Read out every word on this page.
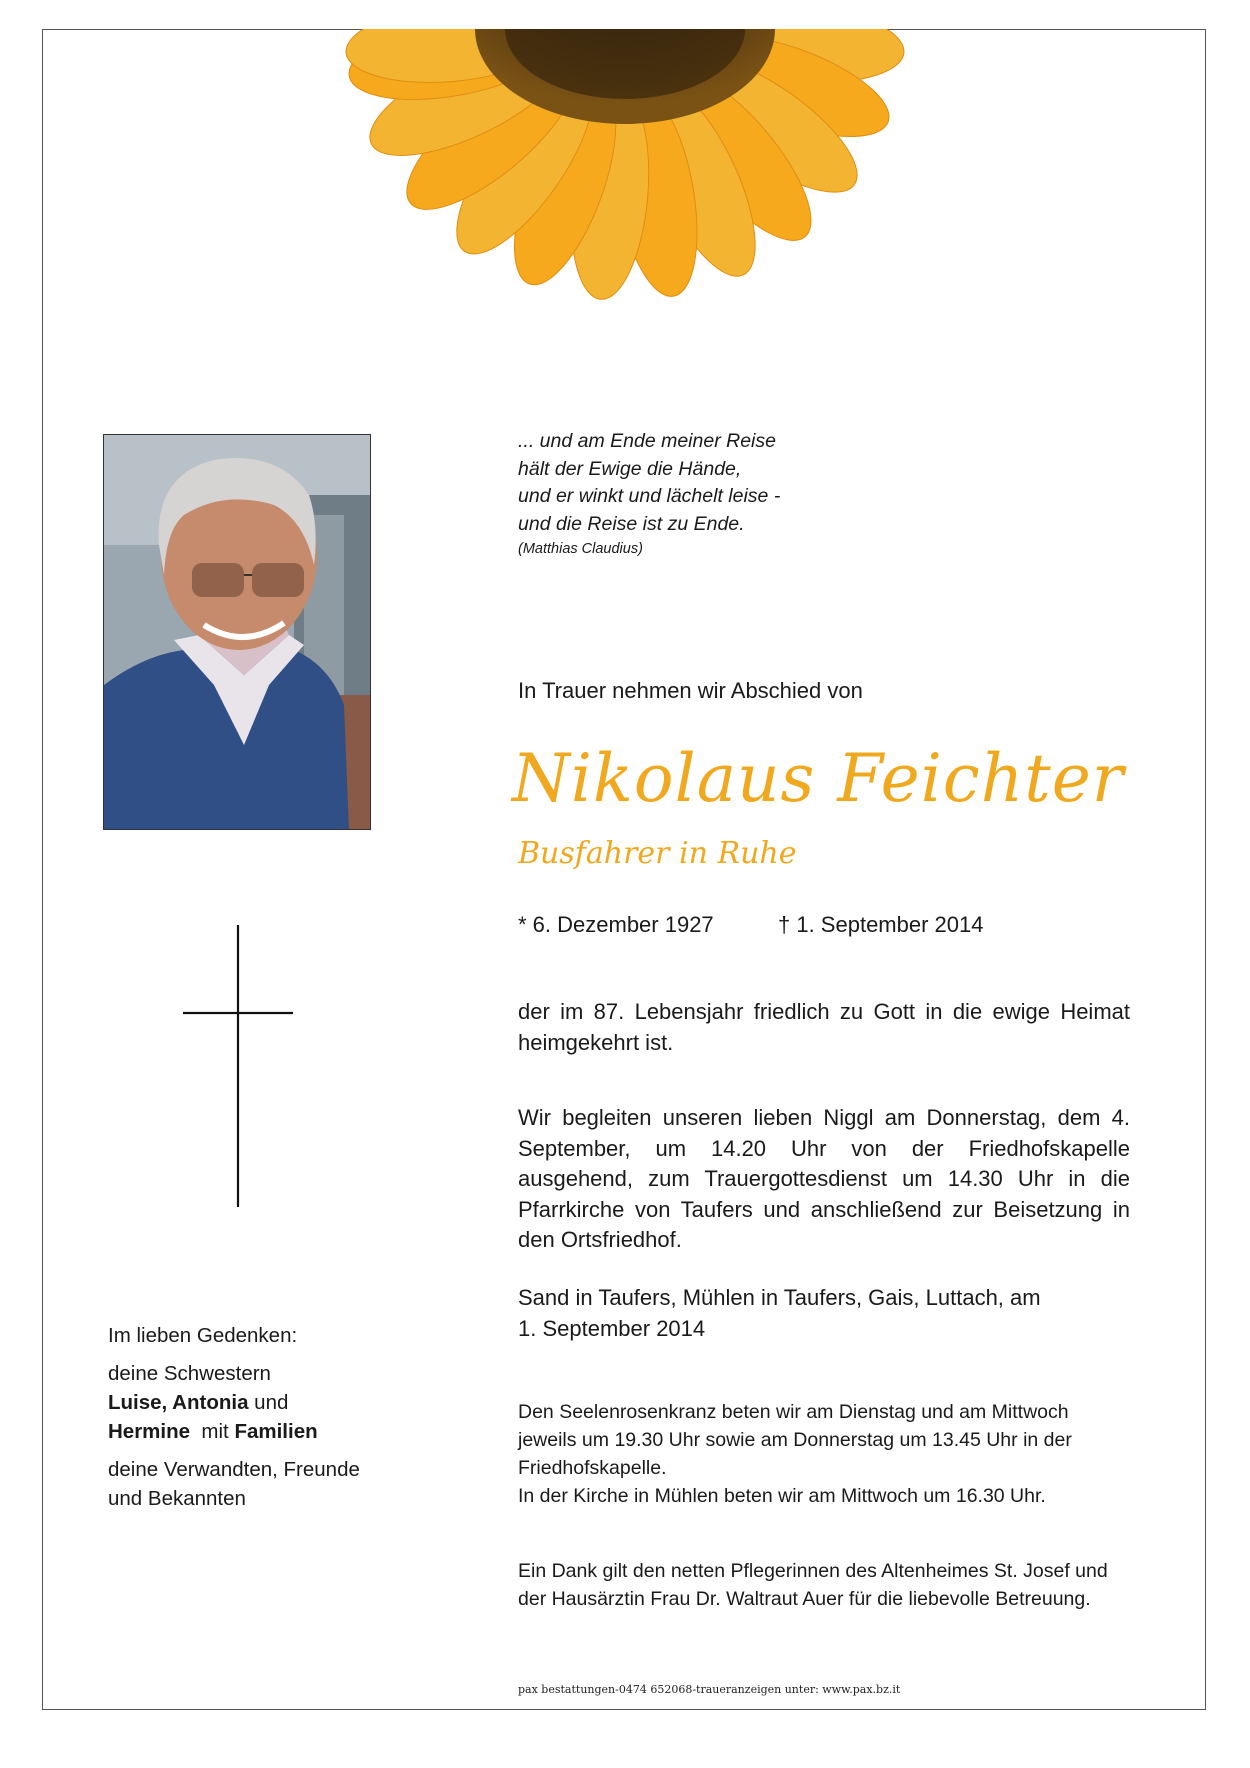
... und am Ende meiner Reise
hält der Ewige die Hände,
und er winkt und lächelt leise -
und die Reise ist zu Ende.
(Matthias Claudius)
In Trauer nehmen wir Abschied von
Nikolaus Feichter
Busfahrer in Ruhe
* 6. Dezember 1927	† 1. September 2014
der im 87. Lebensjahr friedlich zu Gott in die ewige Heimat heimgekehrt ist.
Wir begleiten unseren lieben Niggl am Donnerstag, dem 4. September, um 14.20 Uhr von der Friedhofskapelle ausgehend, zum Trauergottesdienst um 14.30 Uhr in die Pfarrkirche von Taufers und anschließend zur Beisetzung in den Ortsfriedhof.
Sand in Taufers, Mühlen in Taufers, Gais, Luttach, am
1. September 2014
Den Seelenrosenkranz beten wir am Dienstag und am Mittwoch
jeweils um 19.30 Uhr sowie am Donnerstag um 13.45 Uhr in der
Friedhofskapelle.
In der Kirche in Mühlen beten wir am Mittwoch um 16.30 Uhr.
Ein Dank gilt den netten Pflegerinnen des Altenheimes St. Josef und
der Hausärztin Frau Dr. Waltraut Auer für die liebevolle Betreuung.
Im lieben Gedenken:
deine Schwestern
Luise, Antonia und
Hermine  mit Familien
deine Verwandten, Freunde
und Bekannten
pax bestattungen-0474 652068-traueranzeigen unter: www.pax.bz.it
